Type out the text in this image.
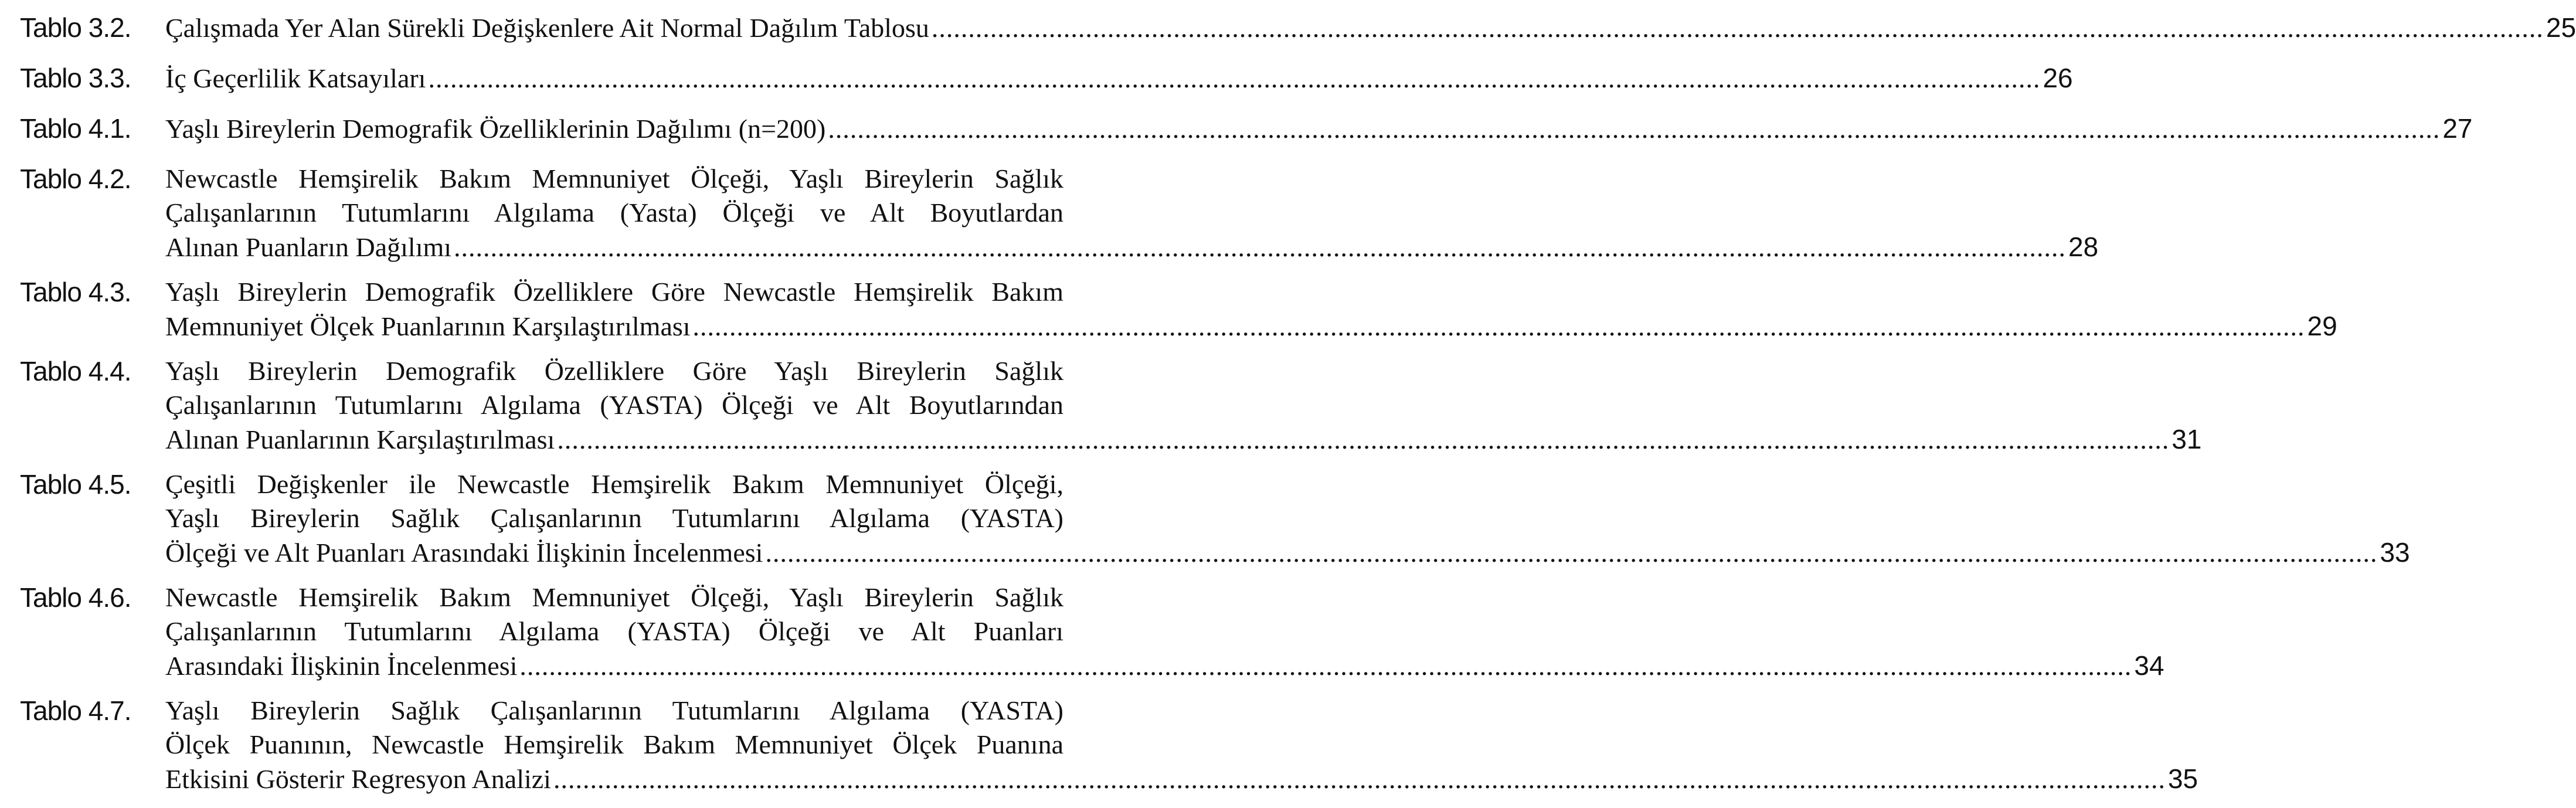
Tablo 3.2.	Çalışmada Yer Alan Sürekli Değişkenlere Ait Normal Dağılım Tablosu ............................................................................................................................................................................................................................ 25
Tablo 3.3.	İç Geçerlilik Katsayıları ............................................................................................................................................................................................................................ 26
Tablo 4.1.	Yaşlı Bireylerin Demografik Özelliklerinin Dağılımı (n=200) ............................................................................................................................................................................................................................ 27
Tablo 4.2.	Newcastle Hemşirelik Bakım Memnuniyet Ölçeği, Yaşlı Bireylerin Sağlık
Çalışanlarının Tutumlarını Algılama (Yasta) Ölçeği ve Alt Boyutlardan
Alınan Puanların Dağılımı ............................................................................................................................................................................................................................ 28
Tablo 4.3.	Yaşlı Bireylerin Demografik Özelliklere Göre Newcastle Hemşirelik Bakım
Memnuniyet Ölçek Puanlarının Karşılaştırılması ............................................................................................................................................................................................................................ 29
Tablo 4.4.	Yaşlı Bireylerin Demografik Özelliklere Göre Yaşlı Bireylerin Sağlık
Çalışanlarının Tutumlarını Algılama (YASTA) Ölçeği ve Alt Boyutlarından
Alınan Puanlarının Karşılaştırılması ............................................................................................................................................................................................................................ 31
Tablo 4.5.	Çeşitli Değişkenler ile Newcastle Hemşirelik Bakım Memnuniyet Ölçeği,
Yaşlı Bireylerin Sağlık Çalışanlarının Tutumlarını Algılama (YASTA)
Ölçeği ve Alt Puanları Arasındaki İlişkinin İncelenmesi ............................................................................................................................................................................................................................ 33
Tablo 4.6.	Newcastle Hemşirelik Bakım Memnuniyet Ölçeği, Yaşlı Bireylerin Sağlık
Çalışanlarının Tutumlarını Algılama (YASTA) Ölçeği ve Alt Puanları
Arasındaki İlişkinin İncelenmesi ............................................................................................................................................................................................................................ 34
Tablo 4.7.	Yaşlı Bireylerin Sağlık Çalışanlarının Tutumlarını Algılama (YASTA)
Ölçek Puanının, Newcastle Hemşirelik Bakım Memnuniyet Ölçek Puanına
Etkisini Gösterir Regresyon Analizi ............................................................................................................................................................................................................................ 35
